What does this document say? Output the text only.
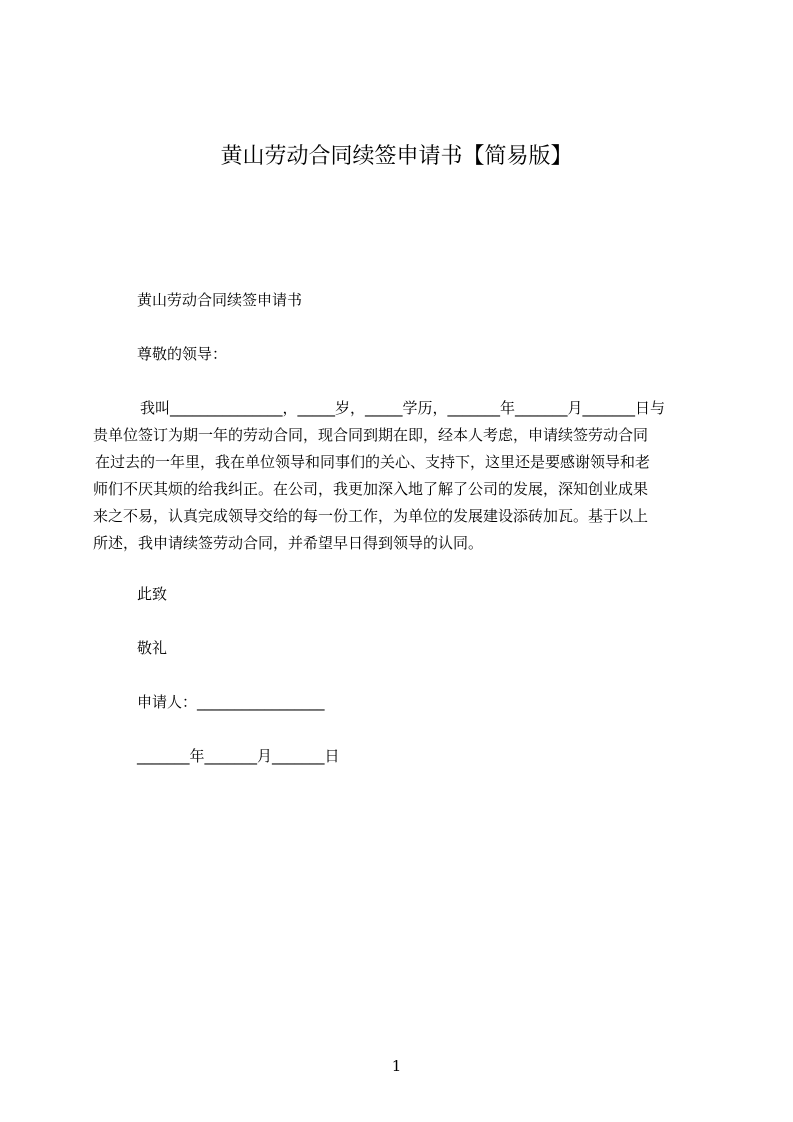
黄山劳动合同续签申请书【简易版】

黄山劳动合同续签申请书

尊敬的领导：

我叫_______________，_____岁，_____学历，_______年_______月_______日与

贵单位签订为期一年的劳动合同，现合同到期在即，经本人考虑，申请续签劳动合同

在过去的一年里，我在单位领导和同事们的关心、支持下，这里还是要感谢领导和老

师们不厌其烦的给我纠正。在公司，我更加深入地了解了公司的发展，深知创业成果

来之不易，认真完成领导交给的每一份工作，为单位的发展建设添砖加瓦。基于以上

所述，我申请续签劳动合同，并希望早日得到领导的认同。

此致

敬礼

申请人：_________________

_______年_______月_______日

1
